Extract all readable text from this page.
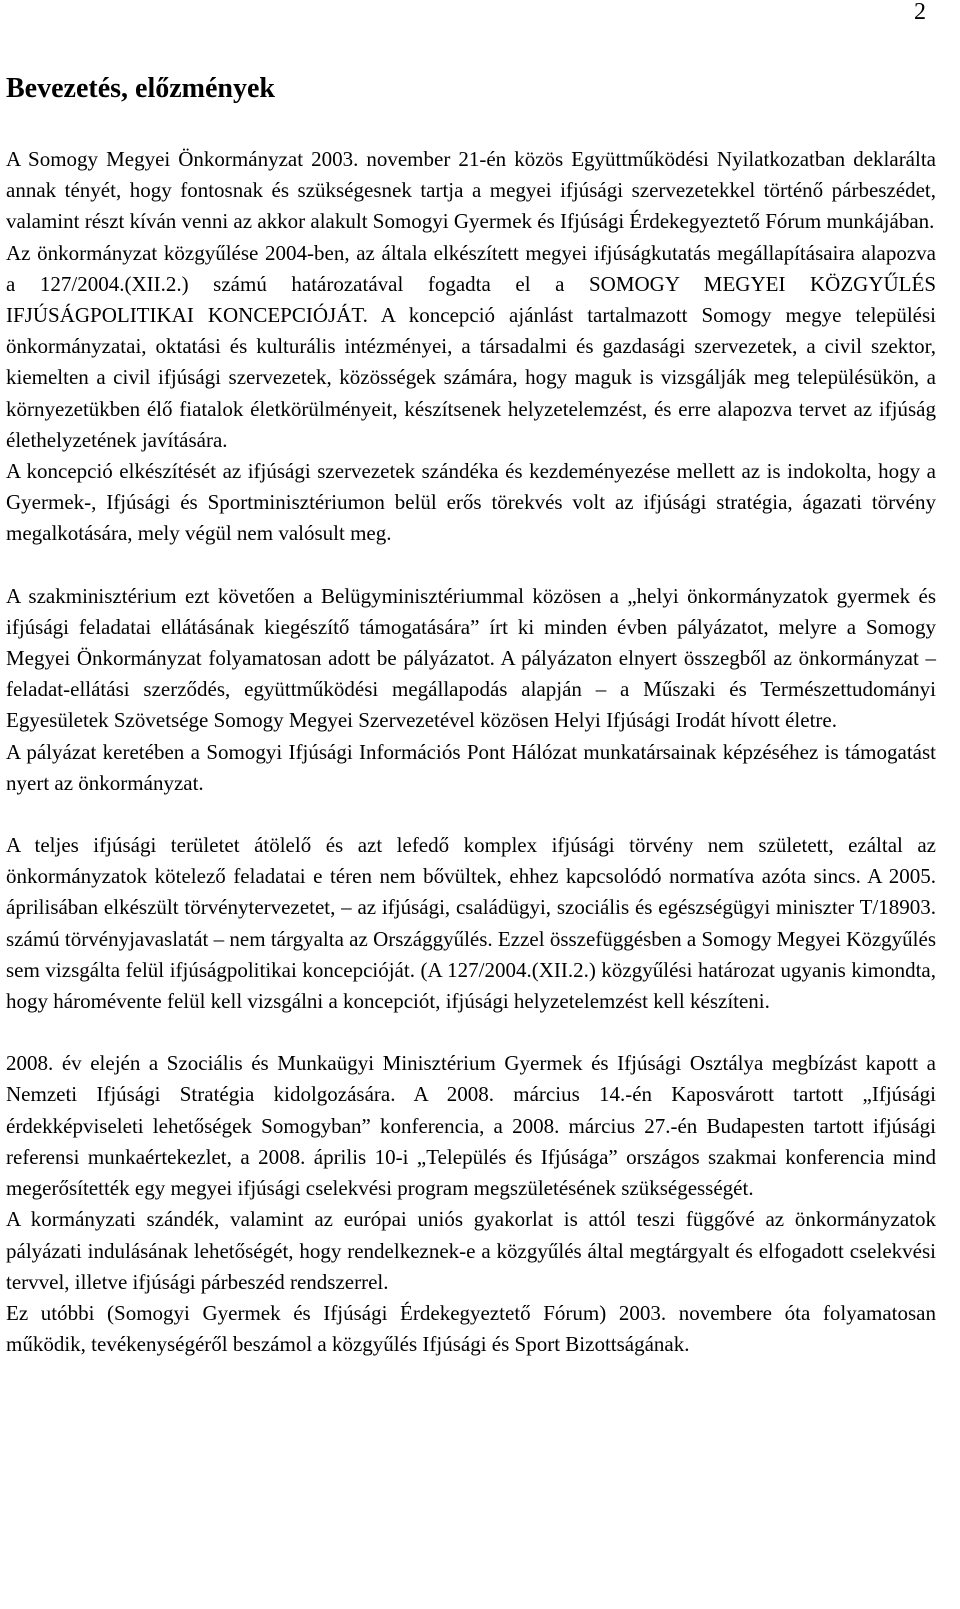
2
Bevezetés, előzmények

A Somogy Megyei Önkormányzat 2003. november 21-én közös Együttműködési Nyilatkozatban deklarálta annak tényét, hogy fontosnak és szükségesnek tartja a megyei ifjúsági szervezetekkel történő párbeszédet, valamint részt kíván venni az akkor alakult Somogyi Gyermek és Ifjúsági Érdekegyeztető Fórum munkájában.

Az önkormányzat közgyűlése 2004-ben, az általa elkészített megyei ifjúságkutatás megállapításaira alapozva a 127/2004.(XII.2.) számú határozatával fogadta el a SOMOGY MEGYEI KÖZGYŰLÉS IFJÚSÁGPOLITIKAI KONCEPCIÓJÁT. A koncepció ajánlást tartalmazott Somogy megye települési önkormányzatai, oktatási és kulturális intézményei, a társadalmi és gazdasági szervezetek, a civil szektor, kiemelten a civil ifjúsági szervezetek, közösségek számára, hogy maguk is vizsgálják meg településükön, a környezetükben élő fiatalok életkörülményeit, készítsenek helyzetelemzést, és erre alapozva tervet az ifjúság élethelyzetének javítására.

A koncepció elkészítését az ifjúsági szervezetek szándéka és kezdeményezése mellett az is indokolta, hogy a Gyermek-, Ifjúsági és Sportminisztériumon belül erős törekvés volt az ifjúsági stratégia, ágazati törvény megalkotására, mely végül nem valósult meg.

A szakminisztérium ezt követően a Belügyminisztériummal közösen a „helyi önkormányzatok gyermek és ifjúsági feladatai ellátásának kiegészítő támogatására” írt ki minden évben pályázatot, melyre a Somogy Megyei Önkormányzat folyamatosan adott be pályázatot. A pályázaton elnyert összegből az önkormányzat – feladat-ellátási szerződés, együttműködési megállapodás alapján – a Műszaki és Természettudományi Egyesületek Szövetsége Somogy Megyei Szervezetével közösen Helyi Ifjúsági Irodát hívott életre.

A pályázat keretében a Somogyi Ifjúsági Információs Pont Hálózat munkatársainak képzéséhez is támogatást nyert az önkormányzat.

A teljes ifjúsági területet átölelő és azt lefedő komplex ifjúsági törvény nem született, ezáltal az önkormányzatok kötelező feladatai e téren nem bővültek, ehhez kapcsolódó normatíva azóta sincs. A 2005. áprilisában elkészült törvénytervezetet, – az ifjúsági, családügyi, szociális és egészségügyi miniszter T/18903. számú törvényjavaslatát – nem tárgyalta az Országgyűlés. Ezzel összefüggésben a Somogy Megyei Közgyűlés sem vizsgálta felül ifjúságpolitikai koncepcióját. (A 127/2004.(XII.2.) közgyűlési határozat ugyanis kimondta, hogy háromévente felül kell vizsgálni a koncepciót, ifjúsági helyzetelemzést kell készíteni.

2008. év elején a Szociális és Munkaügyi Minisztérium Gyermek és Ifjúsági Osztálya megbízást kapott a Nemzeti Ifjúsági Stratégia kidolgozására. A 2008. március 14.-én Kaposvárott tartott „Ifjúsági érdekképviseleti lehetőségek Somogyban” konferencia, a 2008. március 27.-én Budapesten tartott ifjúsági referensi munkaértekezlet, a 2008. április 10-i „Település és Ifjúsága” országos szakmai konferencia mind megerősítették egy megyei ifjúsági cselekvési program megszületésének szükségességét.

A kormányzati szándék, valamint az európai uniós gyakorlat is attól teszi függővé az önkormányzatok pályázati indulásának lehetőségét, hogy rendelkeznek-e a közgyűlés által megtárgyalt és elfogadott cselekvési tervvel, illetve ifjúsági párbeszéd rendszerrel.

Ez utóbbi (Somogyi Gyermek és Ifjúsági Érdekegyeztető Fórum) 2003. novembere óta folyamatosan működik, tevékenységéről beszámol a közgyűlés Ifjúsági és Sport Bizottságának.
